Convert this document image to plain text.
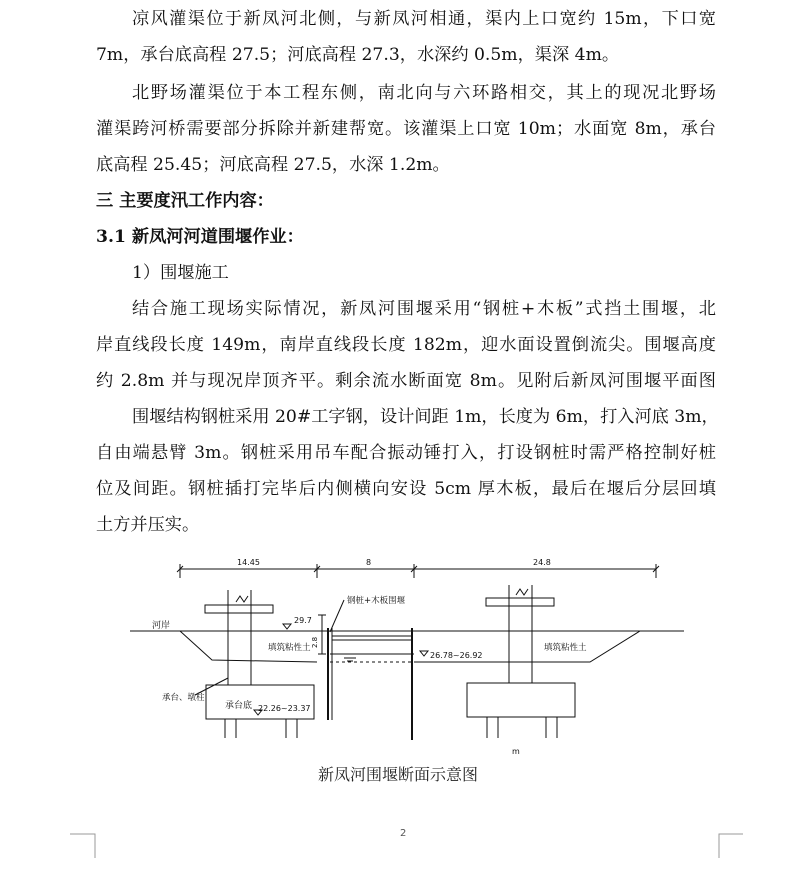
凉风灌渠位于新凤河北侧，与新凤河相通，渠内上口宽约 15m，下口宽
7m，承台底高程 27.5；河底高程 27.3，水深约 0.5m，渠深 4m。
北野场灌渠位于本工程东侧，南北向与六环路相交，其上的现况北野场
灌渠跨河桥需要部分拆除并新建帮宽。该灌渠上口宽 10m；水面宽 8m，承台
底高程 25.45；河底高程 27.5，水深 1.2m。
三 主要度汛工作内容：
3.1 新凤河河道围堰作业：
1）围堰施工
结合施工现场实际情况，新凤河围堰采用“钢桩+木板”式挡土围堰，北
岸直线段长度 149m，南岸直线段长度 182m，迎水面设置倒流尖。围堰高度
约 2.8m 并与现况岸顶齐平。剩余流水断面宽 8m。见附后新凤河围堰平面图
围堰结构钢桩采用 20#工字钢，设计间距 1m，长度为 6m，打入河底 3m，
自由端悬臂 3m。钢桩采用吊车配合振动锤打入，打设钢桩时需严格控制好桩
位及间距。钢桩插打完毕后内侧横向安设 5cm 厚木板，最后在堰后分层回填
土方并压实。
14.45	8	24.8
河岸
29.7
2.8
钢桩+木板围堰
填筑粘性土	填筑粘性土
26.78~26.92
承台、墩柱
承台底 22.26~23.37
m
新凤河围堰断面示意图
2
